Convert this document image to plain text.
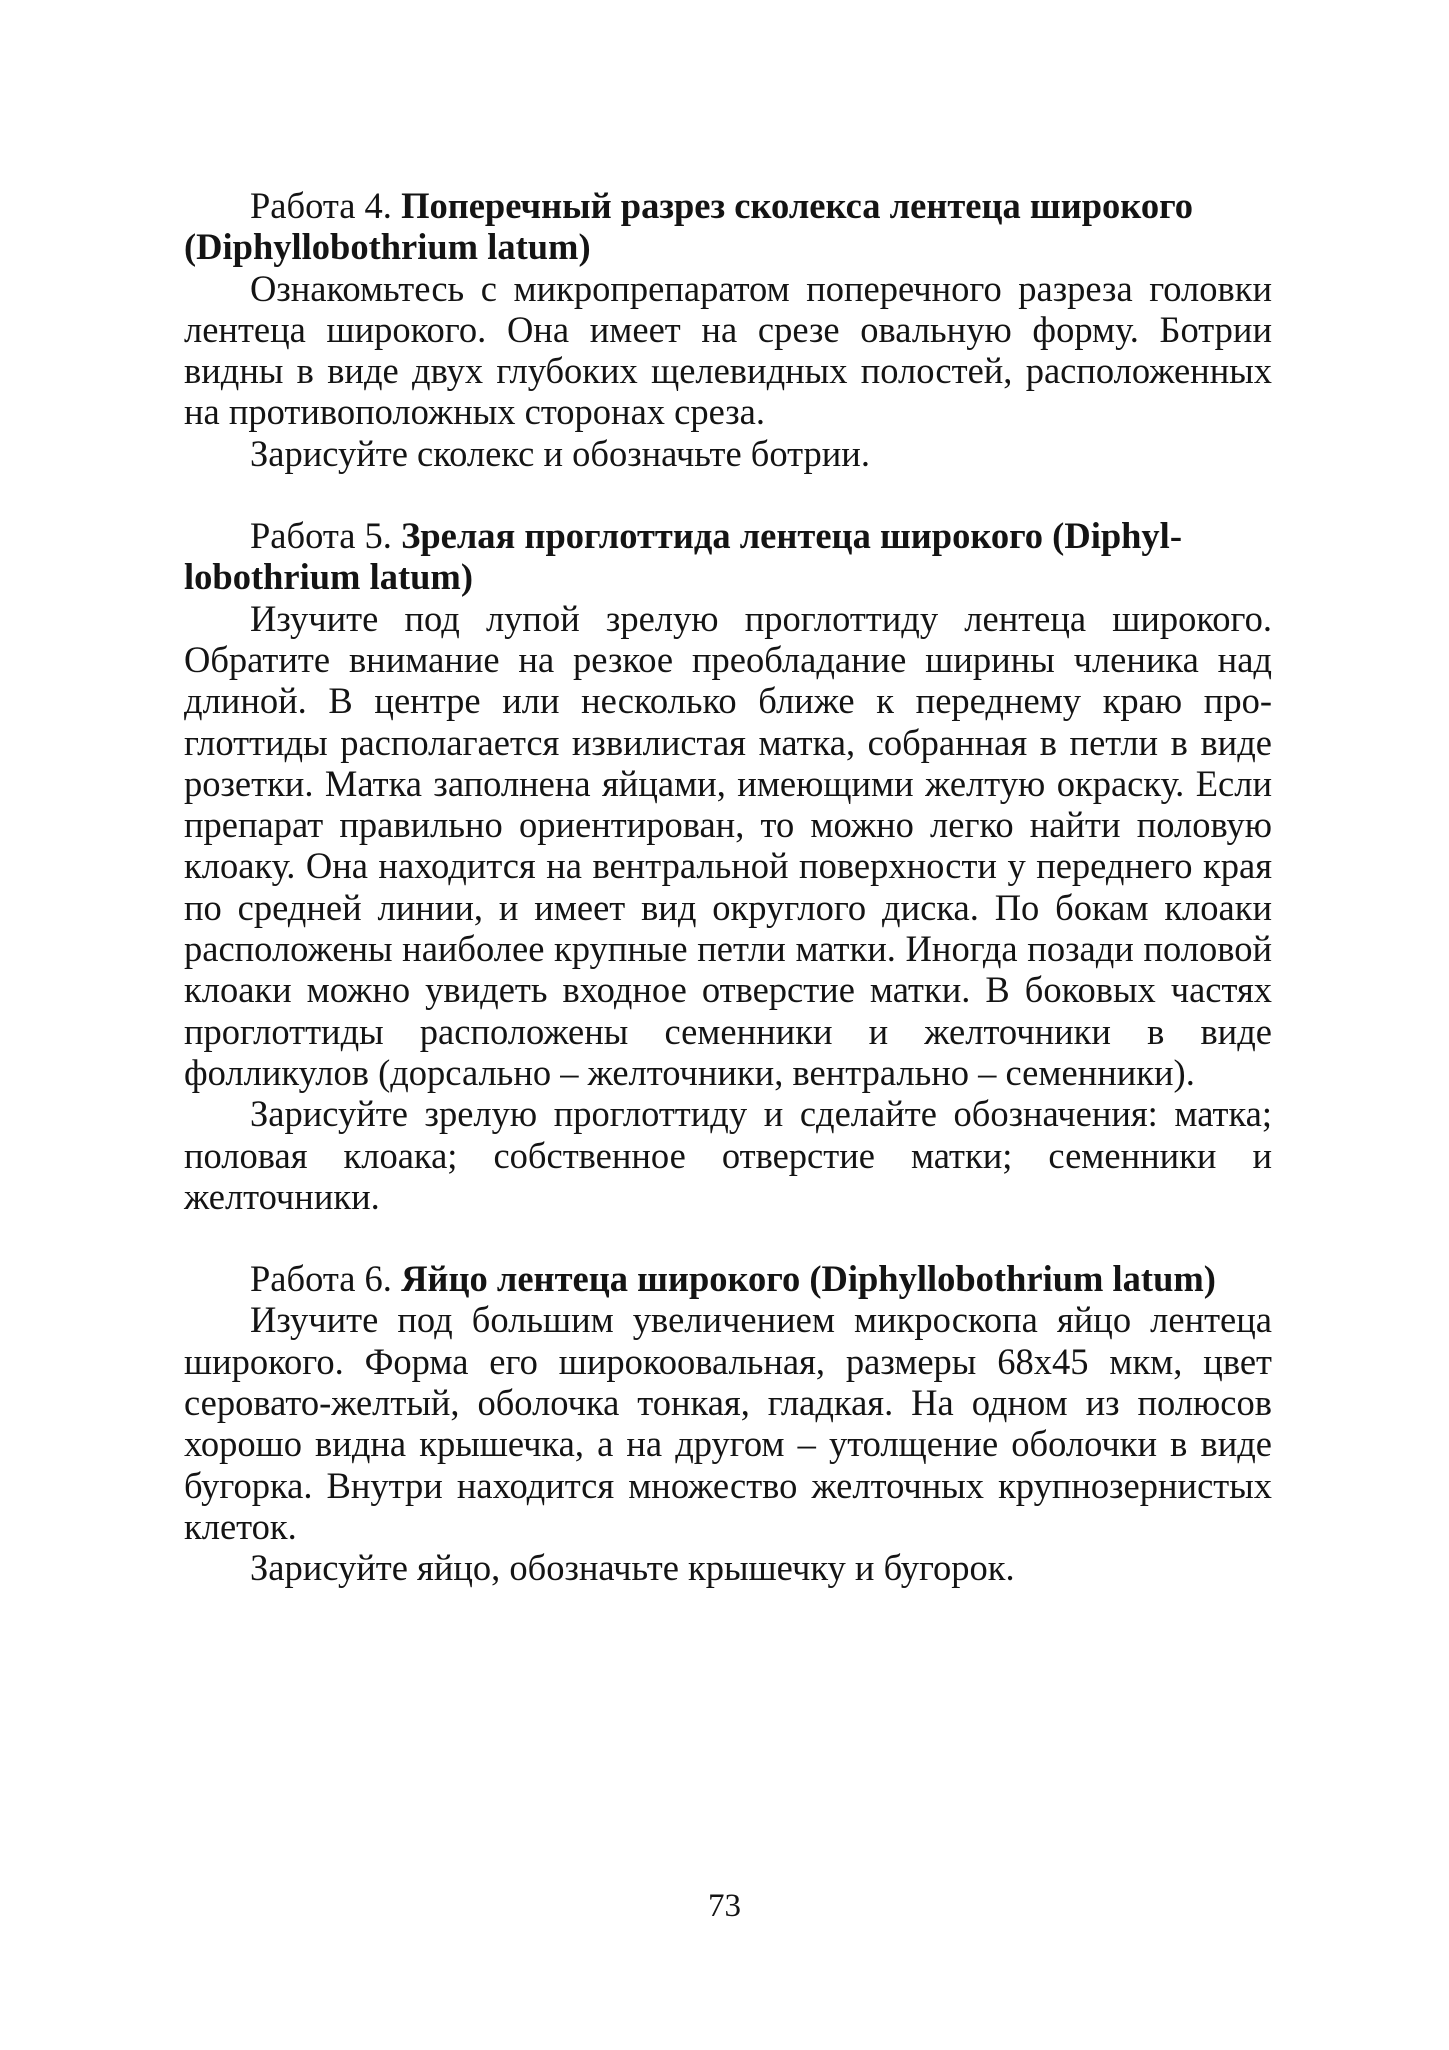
Работа 4. Поперечный разрез сколекса лентеца широкого (Diphyllobothrium latum)

Ознакомьтесь с микропрепаратом поперечного разреза головки лентеца широкого. Она имеет на срезе овальную форму. Ботрии видны в виде двух глубоких щелевидных полостей, расположенных на противоположных сторонах среза.

Зарисуйте сколекс и обозначьте ботрии.

Работа 5. Зрелая проглоттида лентеца широкого (Diphyllobothrium latum)

Изучите под лупой зрелую проглоттиду лентеца широкого. Обратите внимание на резкое преобладание ширины членика над длиной. В центре или несколько ближе к переднему краю проглоттиды располагается извилистая матка, собранная в петли в виде розетки. Матка заполнена яйцами, имеющими желтую окраску. Если препарат правильно ориентирован, то можно легко найти половую клоаку. Она находится на вентральной поверхности у переднего края по средней линии, и имеет вид округлого диска. По бокам клоаки расположены наиболее крупные петли матки. Иногда позади половой клоаки можно увидеть входное отверстие матки. В боковых частях проглоттиды расположены семенники и желточники в виде фолликулов (дорсально – желточники, вентрально – семенники).

Зарисуйте зрелую проглоттиду и сделайте обозначения: матка; половая клоака; собственное отверстие матки; семенники и желточники.

Работа 6. Яйцо лентеца широкого (Diphyllobothrium latum)

Изучите под большим увеличением микроскопа яйцо лентеца широкого. Форма его широкоовальная, размеры 68х45 мкм, цвет серовато-желтый, оболочка тонкая, гладкая. На одном из полюсов хорошо видна крышечка, а на другом – утолщение оболочки в виде бугорка. Внутри находится множество желточных крупнозернистых клеток.

Зарисуйте яйцо, обозначьте крышечку и бугорок.

73
